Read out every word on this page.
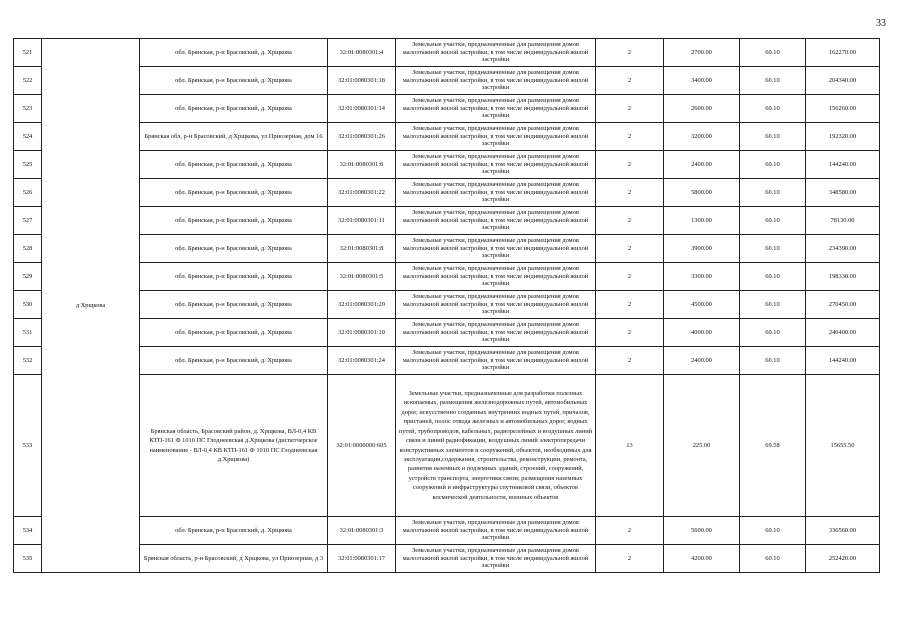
33
521	д Хрщкова	обл. Брянская, р-н Брасовский, д. Хрщкова	32:01:0080301:4	Земельные участки, предназначенные для размещения домов малоэтажной жилой застройки, в том числе индивидуальной жилой застройки	2	2700.00	60.10	162270.00
522		обл. Брянская, р-н Брасовский, д. Хрщкова	32:01:0080301:18	Земельные участки, предназначенные для размещения домов малоэтажной жилой застройки, в том числе индивидуальной жилой застройки	2	3400.00	60.10	204340.00
523		обл. Брянская, р-н Брасовский, д. Хрщкова	32:01:0080301:14	Земельные участки, предназначенные для размещения домов малоэтажной жилой застройки, в том числе индивидуальной жилой застройки	2	2600.00	60.10	156260.00
524		Брянская обл, р-н Брасовский, д Хрщкова, ул Приозерная, дом 16	32:01:0080301:26	Земельные участки, предназначенные для размещения домов малоэтажной жилой застройки, в том числе индивидуальной жилой застройки	2	3200.00	60.10	192320.00
525		обл. Брянская, р-н Брасовский, д. Хрщкова	32:01:0080301:6	Земельные участки, предназначенные для размещения домов малоэтажной жилой застройки, в том числе индивидуальной жилой застройки	2	2400.00	60.10	144240.00
526		обл. Брянская, р-н Брасовский, д. Хрщкова	32:01:0080301:22	Земельные участки, предназначенные для размещения домов малоэтажной жилой застройки, в том числе индивидуальной жилой застройки	2	5800.00	60.10	348580.00
527		обл. Брянская, р-н Брасовский, д. Хрщкова	32:01:0080301:11	Земельные участки, предназначенные для размещения домов малоэтажной жилой застройки, в том числе индивидуальной жилой застройки	2	1300.00	60.10	78130.00
528		обл. Брянская, р-н Брасовский, д. Хрщкова	32:01:0080301:8	Земельные участки, предназначенные для размещения домов малоэтажной жилой застройки, в том числе индивидуальной жилой застройки	2	3900.00	60.10	234390.00
529		обл. Брянская, р-н Брасовский, д. Хрщкова	32:01:0080301:5	Земельные участки, предназначенные для размещения домов малоэтажной жилой застройки, в том числе индивидуальной жилой застройки	2	3300.00	60.10	198330.00
530		обл. Брянская, р-н Брасовский, д. Хрщкова	32:01:0080301:20	Земельные участки, предназначенные для размещения домов малоэтажной жилой застройки, в том числе индивидуальной жилой застройки	2	4500.00	60.10	270450.00
531		обл. Брянская, р-н Брасовский, д. Хрщкова	32:01:0080301:10	Земельные участки, предназначенные для размещения домов малоэтажной жилой застройки, в том числе индивидуальной жилой застройки	2	4000.00	60.10	240400.00
532		обл. Брянская, р-н Брасовский, д. Хрщкова	32:01:0080301:24	Земельные участки, предназначенные для размещения домов малоэтажной жилой застройки, в том числе индивидуальной жилой застройки	2	2400.00	60.10	144240.00
533		Брянская область, Брасовский район, д. Хрщкова, ВЛ-0,4 КВ КТП-161 Ф 1010 ПС Глоднеевская д.Хрщкова (диспетчерское наименование - ВЛ-0,4 КВ КТП-161 Ф 1010 ПС Глоднеевская д.Хрщкова)	32:01:0000000:605	Земельные участки, предназначенные для разработки полезных ископаемых, размещения железнодорожных путей, автомобильных дорог, искусственно созданных внутренних водных путей, причалов, пристаней, полос отвода железных и автомобильных дорог, водных путей, трубопроводов, кабельных, радиорелейных и воздушных линий связи и линий радиофикации, воздушных линий электропередачи конструктивных элементов и сооружений, объектов, необходимых для эксплуатации,содержания, строительства, реконструкции, ремонта, развития наземных и подземных зданий, строений, сооружений, устройств транспорта, энергетики связи; размещения наземных сооружений и инфраструктуры спутниковой связи, объектов космической деятельности, военных объектов	13	225.00	69.58	15655.50
534		обл. Брянская, р-н Брасовский, д. Хрщкова	32:01:0080301:3	Земельные участки, предназначенные для размещения домов малоэтажной жилой застройки, в том числе индивидуальной жилой застройки	2	5600.00	60.10	336560.00
535		Брянская область, р-н Брасовский, д Хрщкова, ул Приозерная, д 3	32:01:0080301:17	Земельные участки, предназначенные для размещения домов малоэтажной жилой застройки, в том числе индивидуальной жилой застройки	2	4200.00	60.10	252420.00
